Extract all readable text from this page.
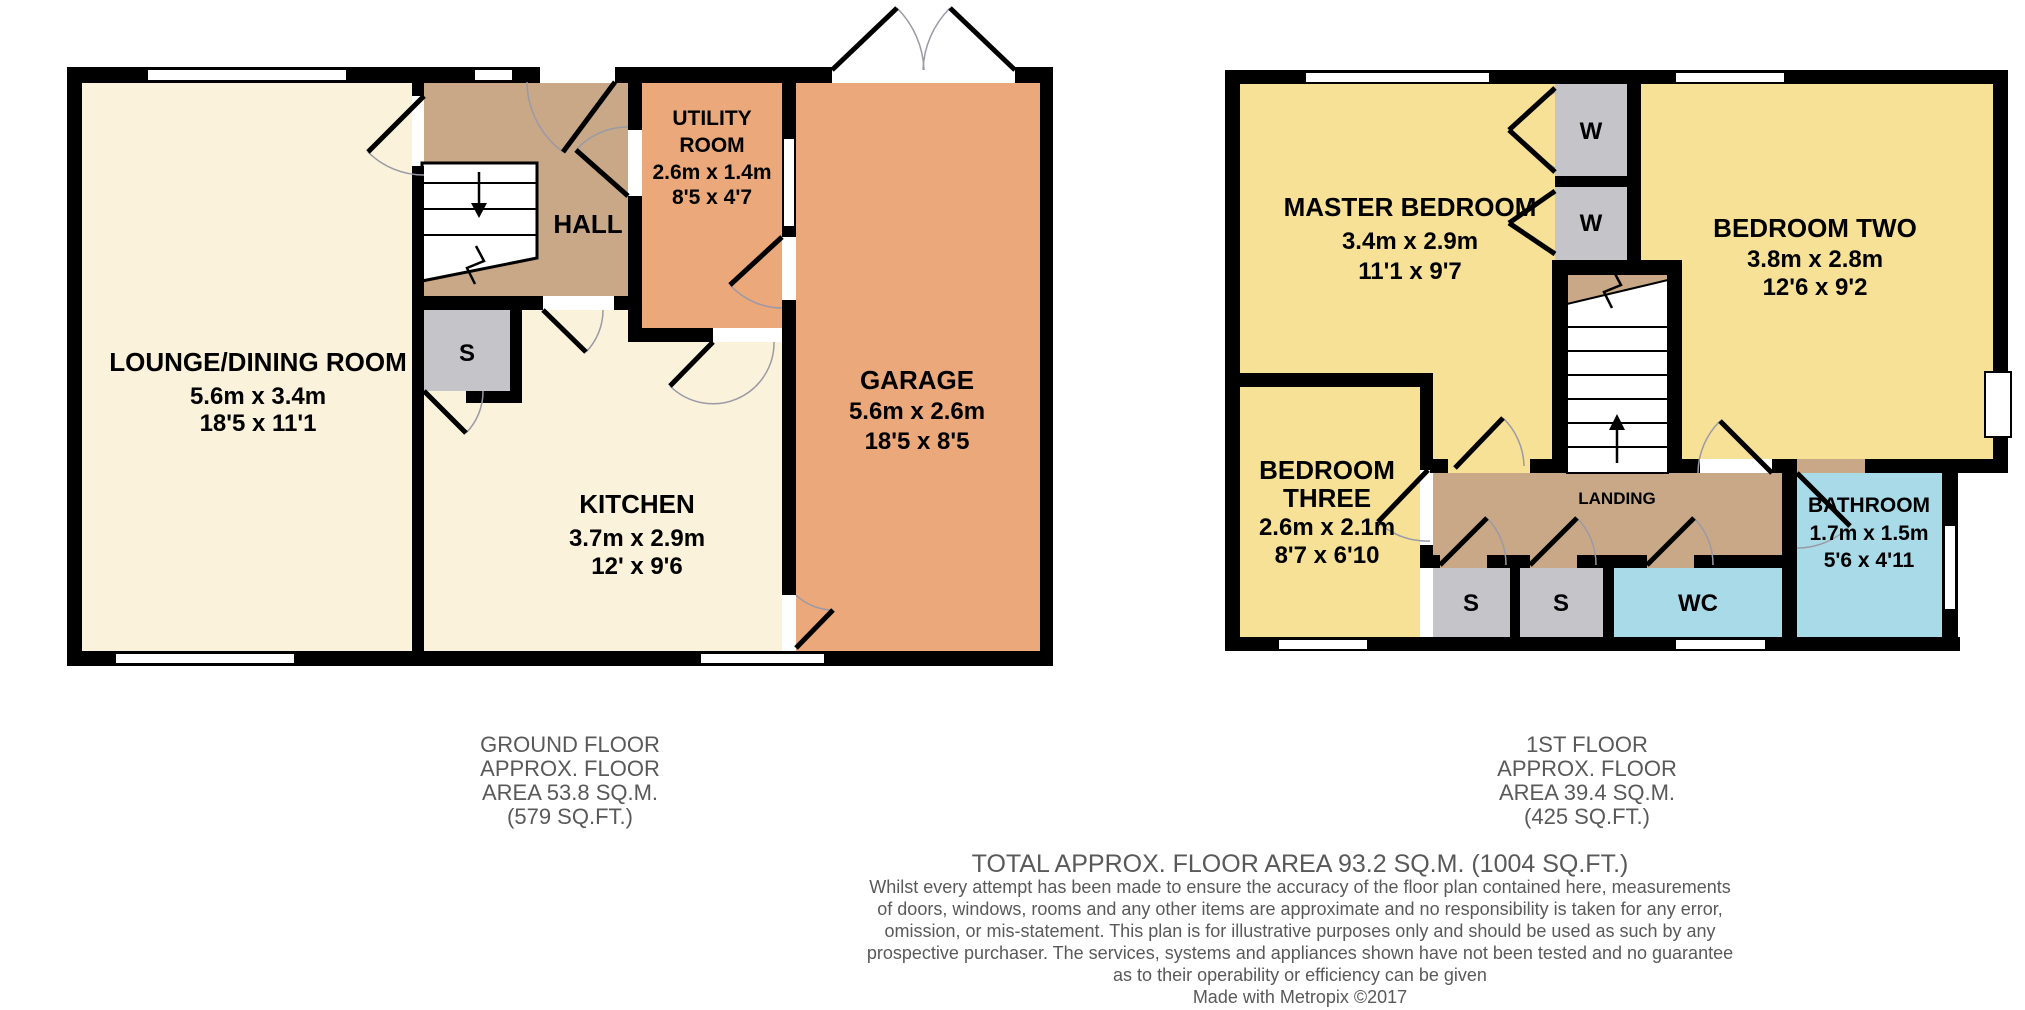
LOUNGE/DINING ROOM
5.6m x 3.4m
18'5 x 11'1
HALL
UTILITY
ROOM
2.6m x 1.4m
8'5 x 4'7
GARAGE
5.6m x 2.6m
18'5 x 8'5
KITCHEN
3.7m x 2.9m
12' x 9'6
S
MASTER BEDROOM
3.4m x 2.9m
11'1 x 9'7
BEDROOM TWO
3.8m x 2.8m
12'6 x 9'2
BEDROOM
THREE
2.6m x 2.1m
8'7 x 6'10
LANDING	BATHROOM
1.7m x 1.5m
5'6 x 4'11
WC
W
W
S	S
GROUND FLOOR
APPROX. FLOOR
AREA 53.8 SQ.M.
(579 SQ.FT.)
1ST FLOOR
APPROX. FLOOR
AREA 39.4 SQ.M.
(425 SQ.FT.)
TOTAL APPROX. FLOOR AREA 93.2 SQ.M. (1004 SQ.FT.)
Whilst every attempt has been made to ensure the accuracy of the floor plan contained here, measurements
of doors, windows, rooms and any other items are approximate and no responsibility is taken for any error,
omission, or mis-statement. This plan is for illustrative purposes only and should be used as such by any
prospective purchaser. The services, systems and appliances shown have not been tested and no guarantee
as to their operability or efficiency can be given
Made with Metropix ©2017
